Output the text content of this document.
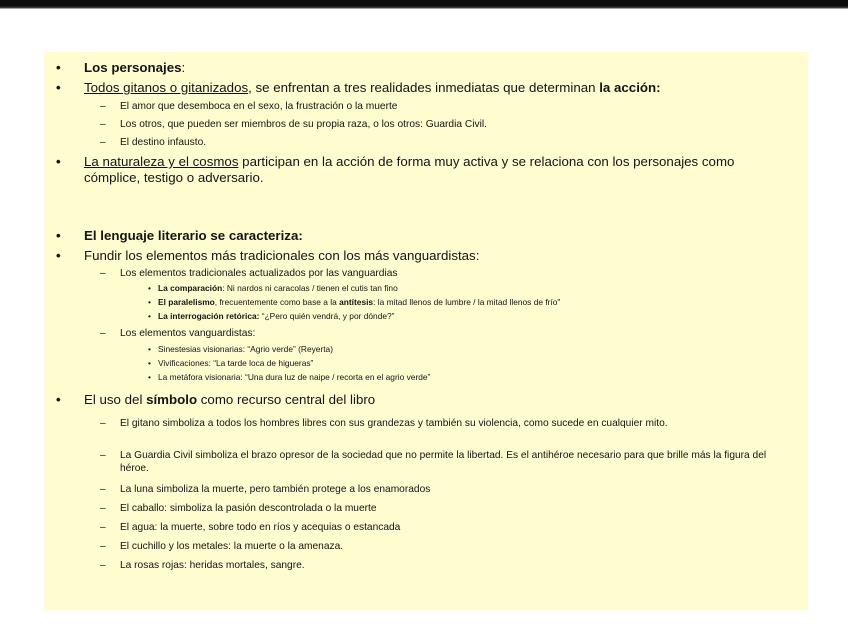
• Los personajes:
• Todos gitanos o gitanizados, se enfrentan a tres realidades inmediatas que determinan la acción:
– El amor que desemboca en el sexo, la frustración o la muerte
– Los otros, que pueden ser miembros de su propia raza, o los otros: Guardia Civil.
– El destino infausto.
• La naturaleza y el cosmos participan en la acción de forma muy activa y se relaciona con los personajes como cómplice, testigo o adversario.
• El lenguaje literario se caracteriza:
• Fundir los elementos más tradicionales con los más vanguardistas:
– Los elementos tradicionales actualizados por las vanguardias
• La comparación: Ni nardos ni caracolas / tienen el cutis tan fino
• El paralelismo, frecuentemente como base a la antítesis: la mitad llenos de lumbre / la mitad llenos de frío"
• La interrogación retórica: “¿Pero quién vendrá, y por dónde?”
– Los elementos vanguardistas:
• Sinestesias visionarias: “Agrio verde” (Reyerta)
• Vivificaciones: “La tarde loca de higueras”
• La metáfora visionaria: “Una dura luz de naipe / recorta en el agrio verde”
• El uso del símbolo como recurso central del libro
– El gitano simboliza a todos los hombres libres con sus grandezas y también su violencia, como sucede en cualquier mito.
– La Guardia Civil simboliza el brazo opresor de la sociedad que no permite la libertad. Es el antihéroe necesario para que brille más la figura del héroe.
– La luna simboliza la muerte, pero también protege a los enamorados
– El caballo: simboliza la pasión descontrolada o la muerte
– El agua: la muerte, sobre todo en ríos y acequias o estancada
– El cuchillo y los metales: la muerte o la amenaza.
– La rosas rojas: heridas mortales, sangre.
